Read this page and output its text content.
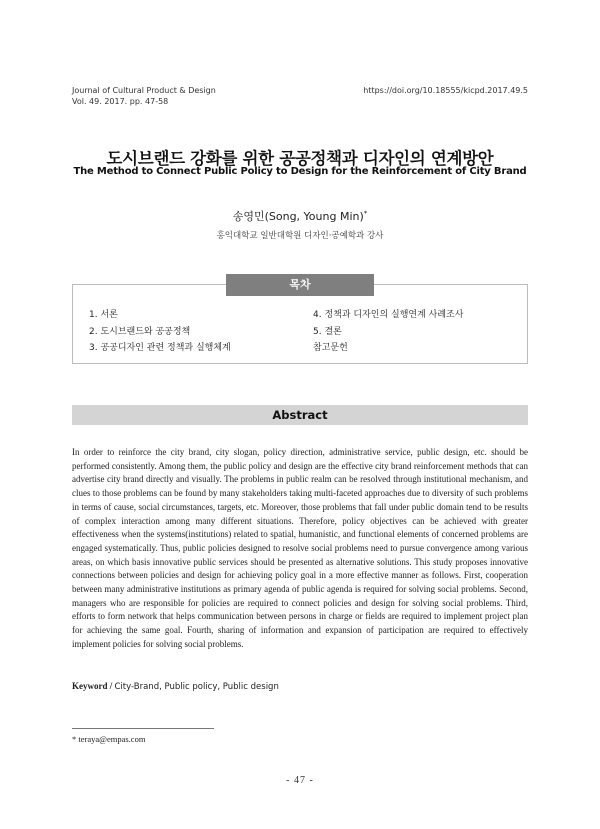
Journal of Cultural Product & Design
Vol. 49. 2017. pp. 47-58
https://doi.org/10.18555/kicpd.2017.49.5
도시브랜드 강화를 위한 공공정책과 디자인의 연계방안
The Method to Connect Public Policy to Design for the Reinforcement of City Brand
송영민(Song, Young Min)*
홍익대학교 일반대학원 디자인·공예학과 강사
목차
1. 서론
2. 도시브랜드와 공공정책
3. 공공디자인 관련 정책과 실행체계
4. 정책과 디자인의 실행연계 사례조사
5. 결론
참고문헌
Abstract

In order to reinforce the city brand, city slogan, policy direction, administrative service, public design, etc. should be performed consistently. Among them, the public policy and design are the effective city brand reinforcement methods that can advertise city brand directly and visually. The problems in public realm can be resolved through institutional mechanism, and clues to those problems can be found by many stakeholders taking multi-faceted approaches due to diversity of such problems in terms of cause, social circumstances, targets, etc. Moreover, those problems that fall under public domain tend to be results of complex interaction among many different situations. Therefore, policy objectives can be achieved with greater effectiveness when the systems(institutions) related to spatial, humanistic, and functional elements of concerned problems are engaged systematically. Thus, public policies designed to resolve social problems need to pursue convergence among various areas, on which basis innovative public services should be presented as alternative solutions. This study proposes innovative connections between policies and design for achieving policy goal in a more effective manner as follows. First, cooperation between many administrative institutions as primary agenda of public agenda is required for solving social problems. Second, managers who are responsible for policies are required to connect policies and design for solving social problems. Third, efforts to form network that helps communication between persons in charge or fields are required to implement project plan for achieving the same goal. Fourth, sharing of information and expansion of participation are required to effectively implement policies for solving social problems.

Keyword / City-Brand, Public policy, Public design
* teraya@empas.com
- 47 -
